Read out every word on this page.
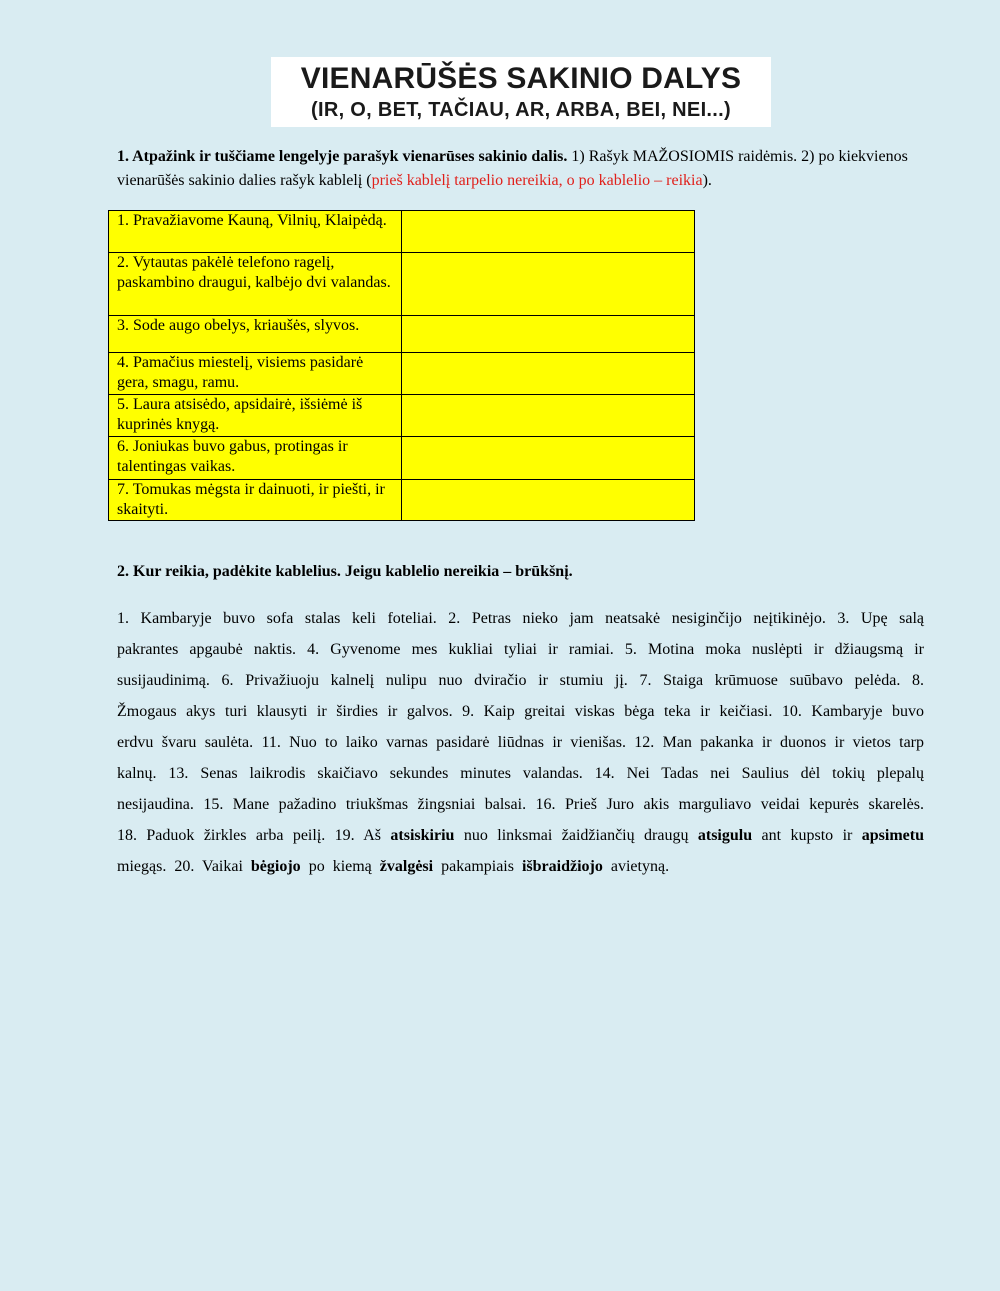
VIENARŪŠĖS SAKINIO DALYS
(IR, O, BET, TAČIAU, AR, ARBA, BEI, NEI...)

1. Atpažink ir tuščiame lengelyje parašyk vienarūses sakinio dalis. 1) Rašyk MAŽOSIOMIS raidėmis. 2) po kiekvienos vienarūšės sakinio dalies rašyk kablelį (prieš kablelį tarpelio nereikia, o po kablelio – reikia).

1. Pravažiavome Kauną, Vilnių, Klaipėdą.	
2. Vytautas pakėlė telefono ragelį, paskambino draugui, kalbėjo dvi valandas.	
3. Sode augo obelys, kriaušės, slyvos.	
4. Pamačius miestelį, visiems pasidarė gera, smagu, ramu.	
5. Laura atsisėdo, apsidairė, išsiėmė iš kuprinės knygą.	
6. Joniukas buvo gabus, protingas ir talentingas vaikas.	
7. Tomukas mėgsta ir dainuoti, ir piešti, ir skaityti.	

2. Kur reikia, padėkite kablelius. Jeigu kablelio nereikia – brūkšnį.

1. Kambaryje buvo sofa stalas keli foteliai. 2. Petras nieko jam neatsakė nesiginčijo neįtikinėjo. 3. Upę salą pakrantes apgaubė naktis. 4. Gyvenome mes kukliai tyliai ir ramiai. 5. Motina moka nuslėpti ir džiaugsmą ir susijaudinimą. 6. Privažiuoju kalnelį nulipu nuo dviračio ir stumiu jį. 7. Staiga krūmuose suūbavo pelėda. 8. Žmogaus akys turi klausyti ir širdies ir galvos. 9. Kaip greitai viskas bėga teka ir keičiasi. 10. Kambaryje buvo erdvu švaru saulėta. 11. Nuo to laiko varnas pasidarė liūdnas ir vienišas. 12. Man pakanka ir duonos ir vietos tarp kalnų. 13. Senas laikrodis skaičiavo sekundes minutes valandas. 14. Nei Tadas nei Saulius dėl tokių plepalų nesijaudina. 15. Mane pažadino triukšmas žingsniai balsai. 16. Prieš Juro akis marguliavo veidai kepurės skarelės. 18. Paduok žirkles arba peilį. 19. Aš atsiskiriu nuo linksmai žaidžiančių draugų atsigulu ant kupsto ir apsimetu miegąs. 20. Vaikai bėgiojo po kiemą žvalgėsi pakampiais išbraidžiojo avietyną.
